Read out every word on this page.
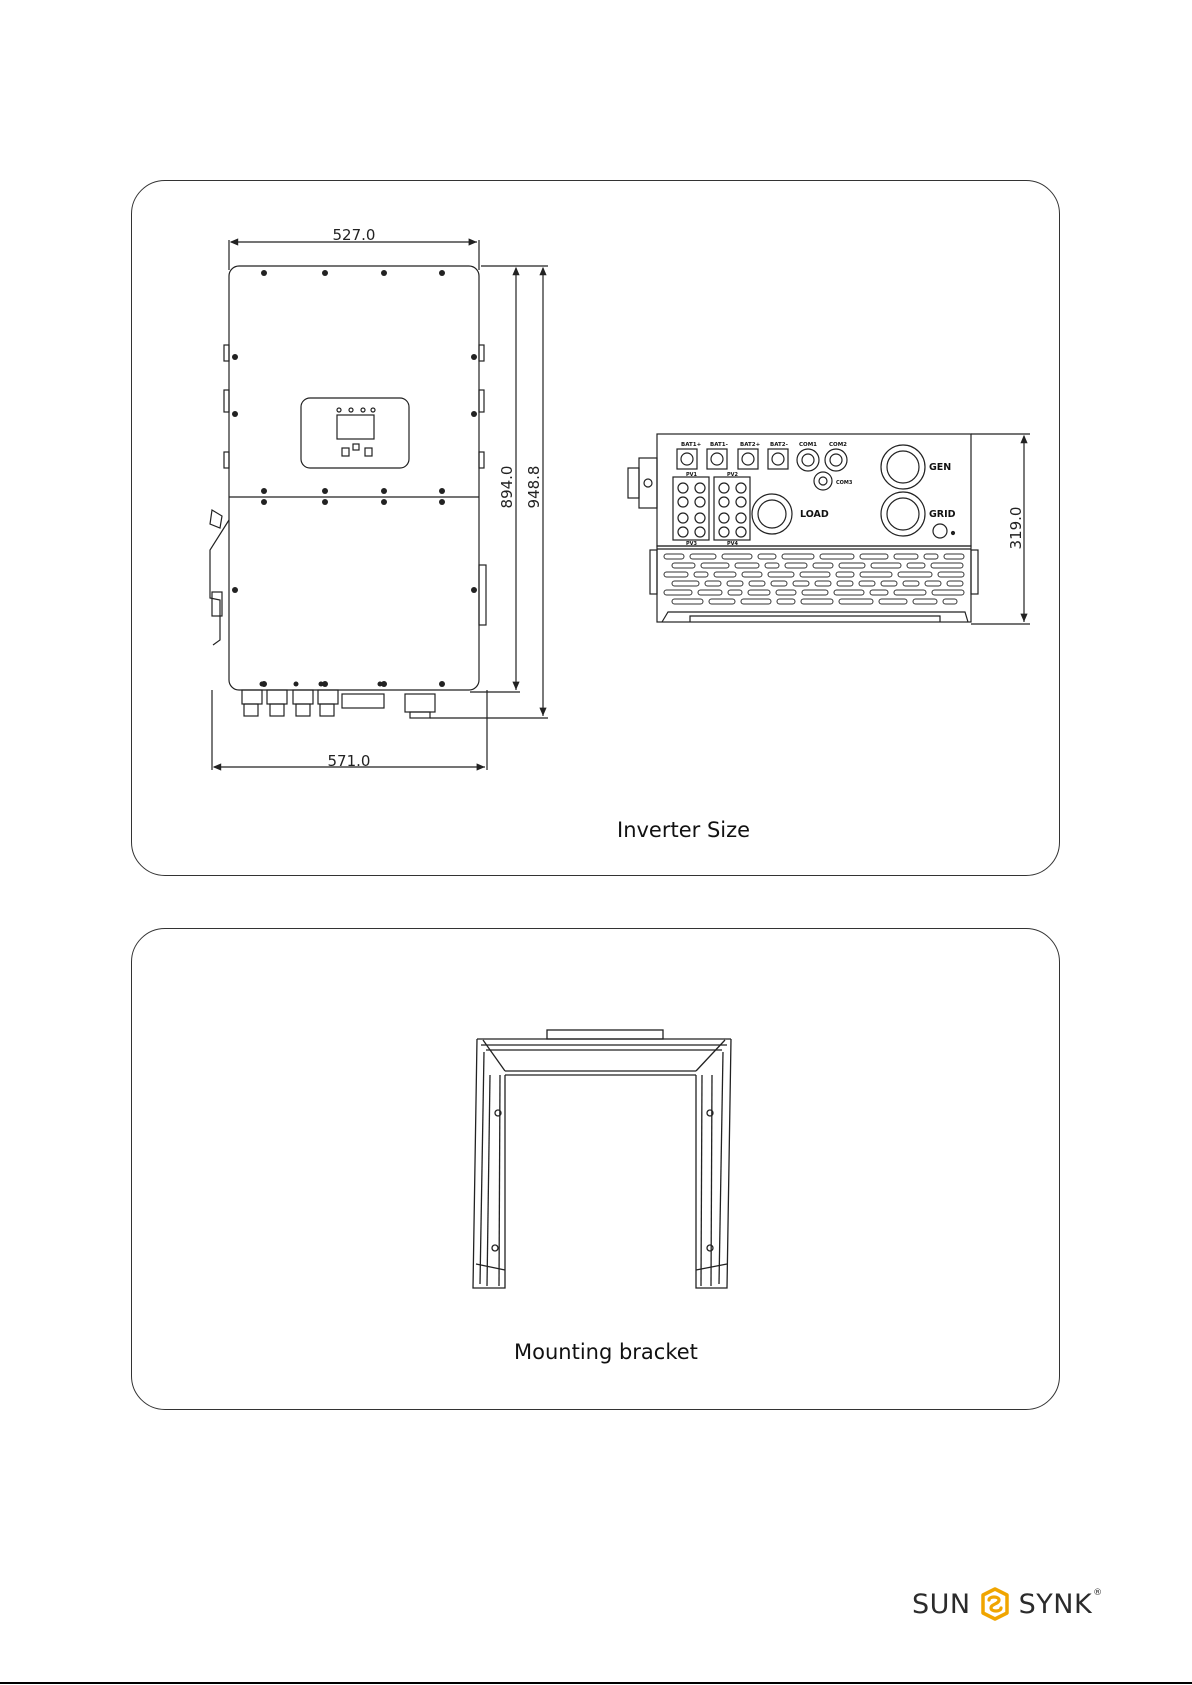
527.0
571.0
894.0 948.8
BAT1+ BAT1- BAT2+ BAT2- COM1 COM2
COM3
PV1	PV2
PV3	PV4
LOAD
GEN
GRID	319.0
Inverter Size
Mounting bracket
SUN SYNK ®
